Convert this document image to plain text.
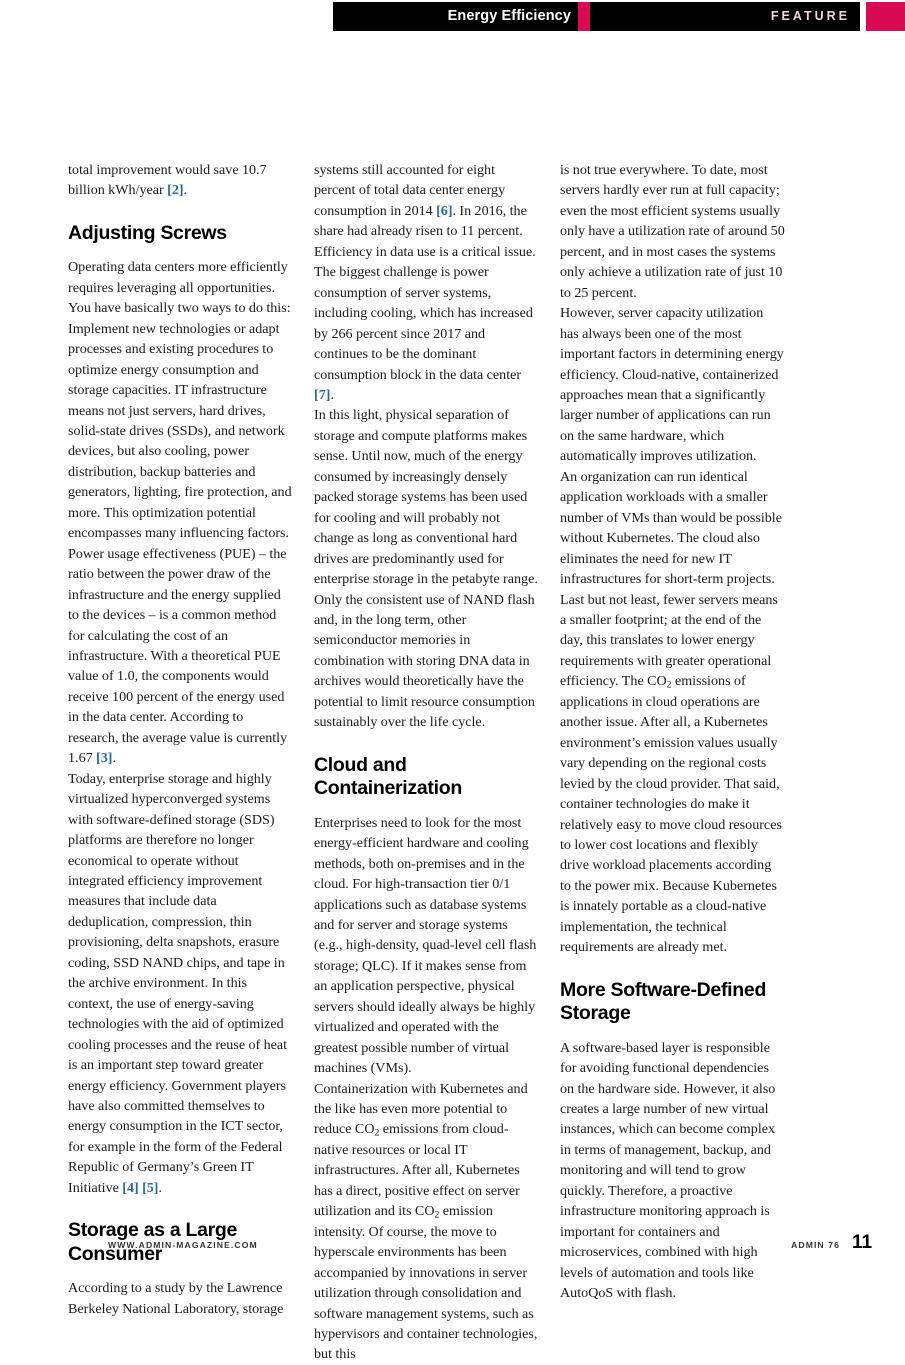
Energy Efficiency	FEATURE

total improvement would save 10.7 billion kWh/year [2].

Adjusting Screws

Operating data centers more efficiently requires leveraging all opportunities. You have basically two ways to do this: Implement new technologies or adapt processes and existing procedures to optimize energy consumption and storage capacities. IT infrastructure means not just servers, hard drives, solid-state drives (SSDs), and network devices, but also cooling, power distribution, backup batteries and generators, lighting, fire protection, and more. This optimization potential encompasses many influencing factors.

Power usage effectiveness (PUE) – the ratio between the power draw of the infrastructure and the energy supplied to the devices – is a common method for calculating the cost of an infrastructure. With a theoretical PUE value of 1.0, the components would receive 100 percent of the energy used in the data center. According to research, the average value is currently 1.67 [3].

Today, enterprise storage and highly virtualized hyperconverged systems with software-defined storage (SDS) platforms are therefore no longer economical to operate without integrated efficiency improvement measures that include data deduplication, compression, thin provisioning, delta snapshots, erasure coding, SSD NAND chips, and tape in the archive environment. In this context, the use of energy-saving technologies with the aid of optimized cooling processes and the reuse of heat is an important step toward greater energy efficiency. Government players have also committed themselves to energy consumption in the ICT sector, for example in the form of the Federal Republic of Germany’s Green IT Initiative [4] [5].

Storage as a Large Consumer

According to a study by the Lawrence Berkeley National Laboratory, storage

systems still accounted for eight percent of total data center energy consumption in 2014 [6]. In 2016, the share had already risen to 11 percent. Efficiency in data use is a critical issue. The biggest challenge is power consumption of server systems, including cooling, which has increased by 266 percent since 2017 and continues to be the dominant consumption block in the data center [7].

In this light, physical separation of storage and compute platforms makes sense. Until now, much of the energy consumed by increasingly densely packed storage systems has been used for cooling and will probably not change as long as conventional hard drives are predominantly used for enterprise storage in the petabyte range. Only the consistent use of NAND flash and, in the long term, other semiconductor memories in combination with storing DNA data in archives would theoretically have the potential to limit resource consumption sustainably over the life cycle.

Cloud and Containerization

Enterprises need to look for the most energy-efficient hardware and cooling methods, both on-premises and in the cloud. For high-transaction tier 0/1 applications such as database systems and for server and storage systems (e.g., high-density, quad-level cell flash storage; QLC). If it makes sense from an application perspective, physical servers should ideally always be highly virtualized and operated with the greatest possible number of virtual machines (VMs).

Containerization with Kubernetes and the like has even more potential to reduce $CO_2$ emissions from cloud-native resources or local IT infrastructures. After all, Kubernetes has a direct, positive effect on server utilization and its $CO_2$ emission intensity. Of course, the move to hyperscale environments has been accompanied by innovations in server utilization through consolidation and software management systems, such as hypervisors and container technologies, but this

is not true everywhere. To date, most servers hardly ever run at full capacity; even the most efficient systems usually only have a utilization rate of around 50 percent, and in most cases the systems only achieve a utilization rate of just 10 to 25 percent.

However, server capacity utilization has always been one of the most important factors in determining energy efficiency. Cloud-native, containerized approaches mean that a significantly larger number of applications can run on the same hardware, which automatically improves utilization.

An organization can run identical application workloads with a smaller number of VMs than would be possible without Kubernetes. The cloud also eliminates the need for new IT infrastructures for short-term projects. Last but not least, fewer servers means a smaller footprint; at the end of the day, this translates to lower energy requirements with greater operational efficiency. The $CO_2$ emissions of applications in cloud operations are another issue. After all, a Kubernetes environment’s emission values usually vary depending on the regional costs levied by the cloud provider. That said, container technologies do make it relatively easy to move cloud resources to lower cost locations and flexibly drive workload placements according to the power mix. Because Kubernetes is innately portable as a cloud-native implementation, the technical requirements are already met.

More Software-Defined Storage

A software-based layer is responsible for avoiding functional dependencies on the hardware side. However, it also creates a large number of new virtual instances, which can become complex in terms of management, backup, and monitoring and will tend to grow quickly. Therefore, a proactive infrastructure monitoring approach is important for containers and microservices, combined with high levels of automation and tools like AutoQoS with flash.

WWW.ADMIN-MAGAZINE.COM	ADMIN 76 11
